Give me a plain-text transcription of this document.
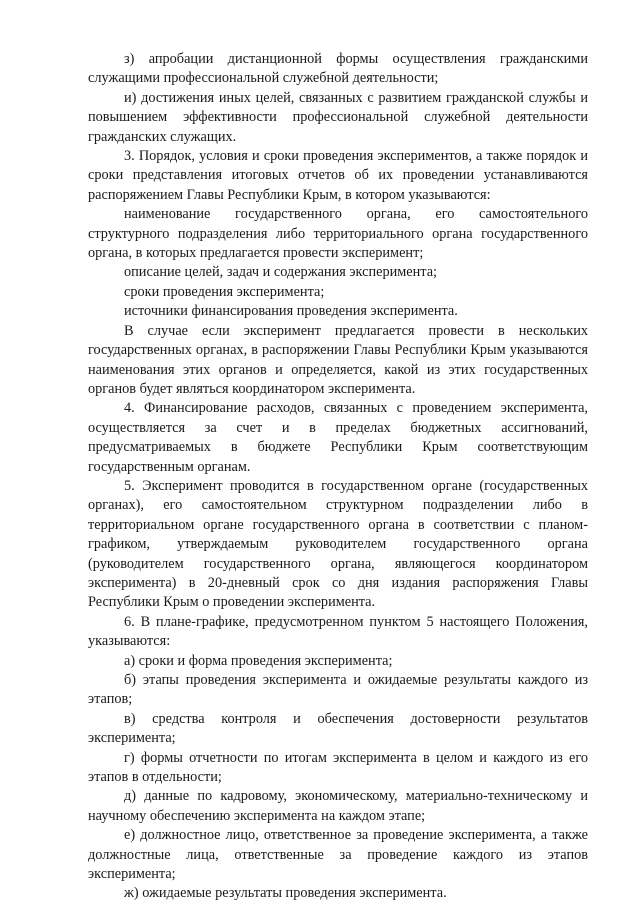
з) апробации дистанционной формы осуществления гражданскими служащими профессиональной служебной деятельности;

и) достижения иных целей, связанных с развитием гражданской службы и повышением эффективности профессиональной служебной деятельности гражданских служащих.

3. Порядок, условия и сроки проведения экспериментов, а также порядок и сроки представления итоговых отчетов об их проведении устанавливаются распоряжением Главы Республики Крым, в котором указываются:

наименование государственного органа, его самостоятельного структурного подразделения либо территориального органа государственного органа, в которых предлагается провести эксперимент;

описание целей, задач и содержания эксперимента;

сроки проведения эксперимента;

источники финансирования проведения эксперимента.

В случае если эксперимент предлагается провести в нескольких государственных органах, в распоряжении Главы Республики Крым указываются наименования этих органов и определяется, какой из этих государственных органов будет являться координатором эксперимента.

4. Финансирование расходов, связанных с проведением эксперимента, осуществляется за счет и в пределах бюджетных ассигнований, предусматриваемых в бюджете Республики Крым соответствующим государственным органам.

5. Эксперимент проводится в государственном органе (государственных органах), его самостоятельном структурном подразделении либо в территориальном органе государственного органа в соответствии с планом-графиком, утверждаемым руководителем государственного органа (руководителем государственного органа, являющегося координатором эксперимента) в 20-дневный срок со дня издания распоряжения Главы Республики Крым о проведении эксперимента.

6. В плане-графике, предусмотренном пунктом 5 настоящего Положения, указываются:

а) сроки и форма проведения эксперимента;

б) этапы проведения эксперимента и ожидаемые результаты каждого из этапов;

в) средства контроля и обеспечения достоверности результатов эксперимента;

г) формы отчетности по итогам эксперимента в целом и каждого из его этапов в отдельности;

д) данные по кадровому, экономическому, материально-техническому и научному обеспечению эксперимента на каждом этапе;

е) должностное лицо, ответственное за проведение эксперимента, а также должностные лица, ответственные за проведение каждого из этапов эксперимента;

ж) ожидаемые результаты проведения эксперимента.
